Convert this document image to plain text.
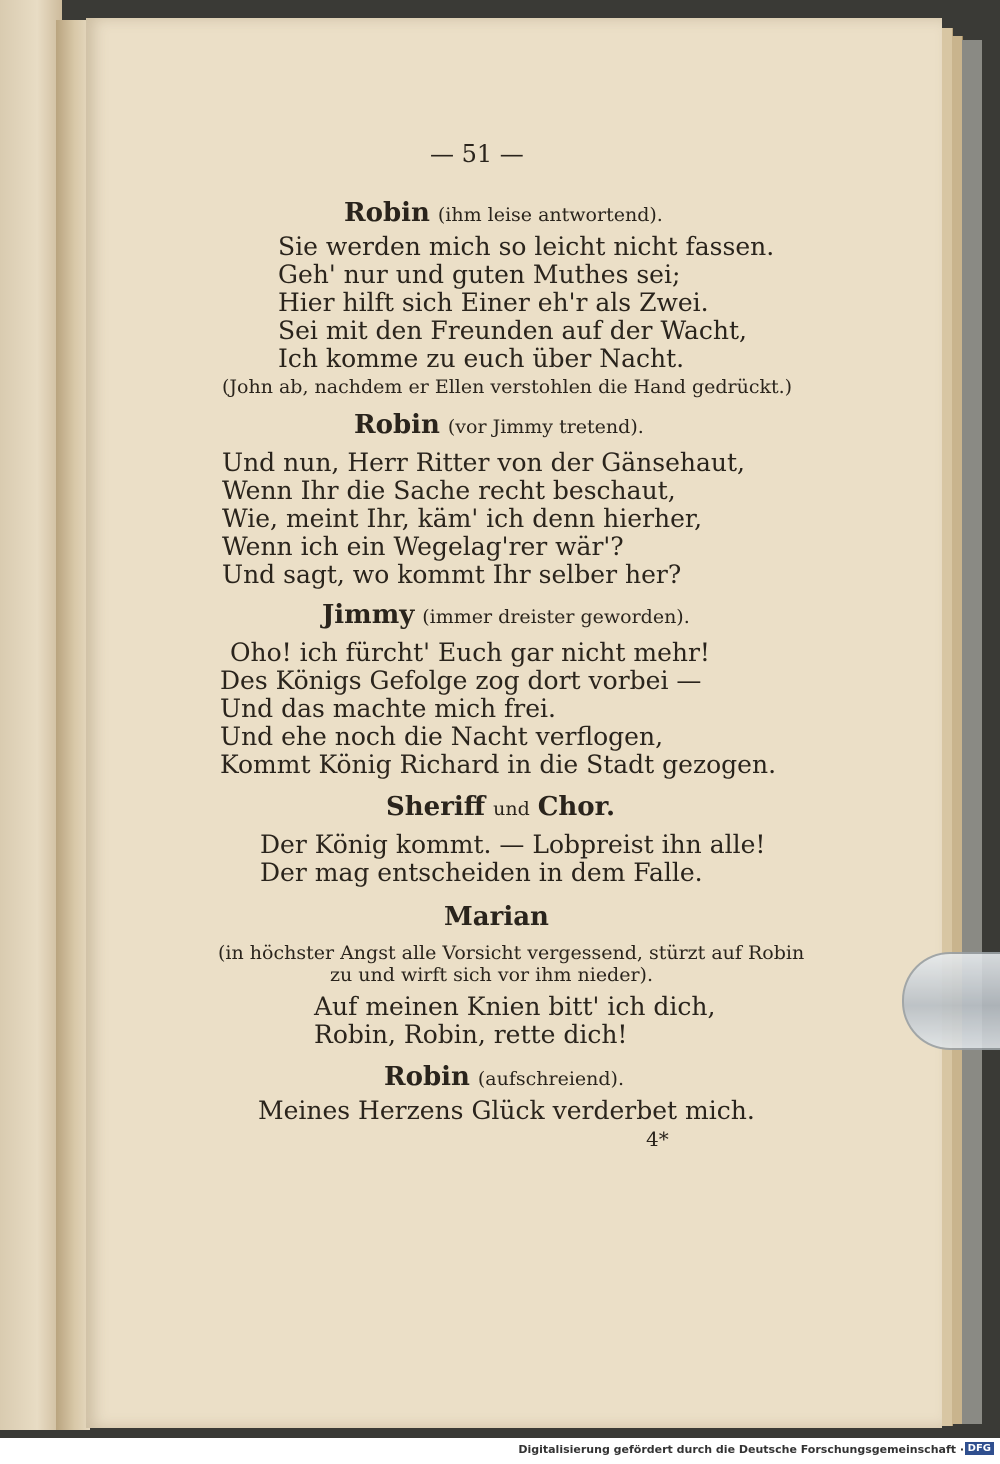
— 51 —
Robin (ihm leise antwortend).
Sie werden mich so leicht nicht fassen.
Geh' nur und guten Muthes sei;
Hier hilft sich Einer eh'r als Zwei.
Sei mit den Freunden auf der Wacht,
Ich komme zu euch über Nacht.
(John ab, nachdem er Ellen verstohlen die Hand gedrückt.)
Robin (vor Jimmy tretend).
Und nun, Herr Ritter von der Gänsehaut,
Wenn Ihr die Sache recht beschaut,
Wie, meint Ihr, käm' ich denn hierher,
Wenn ich ein Wegelag'rer wär'?
Und sagt, wo kommt Ihr selber her?
Jimmy (immer dreister geworden).
Oho! ich fürcht' Euch gar nicht mehr!
Des Königs Gefolge zog dort vorbei —
Und das machte mich frei.
Und ehe noch die Nacht verflogen,
Kommt König Richard in die Stadt gezogen.
Sheriff und Chor.
Der König kommt. — Lobpreist ihn alle!
Der mag entscheiden in dem Falle.
Marian
(in höchster Angst alle Vorsicht vergessend, stürzt auf Robin
zu und wirft sich vor ihm nieder).
Auf meinen Knien bitt' ich dich,
Robin, Robin, rette dich!
Robin (aufschreiend).
Meines Herzens Glück verderbet mich.
4*
Digitalisierung gefördert durch die Deutsche Forschungsgemeinschaft · DFG
